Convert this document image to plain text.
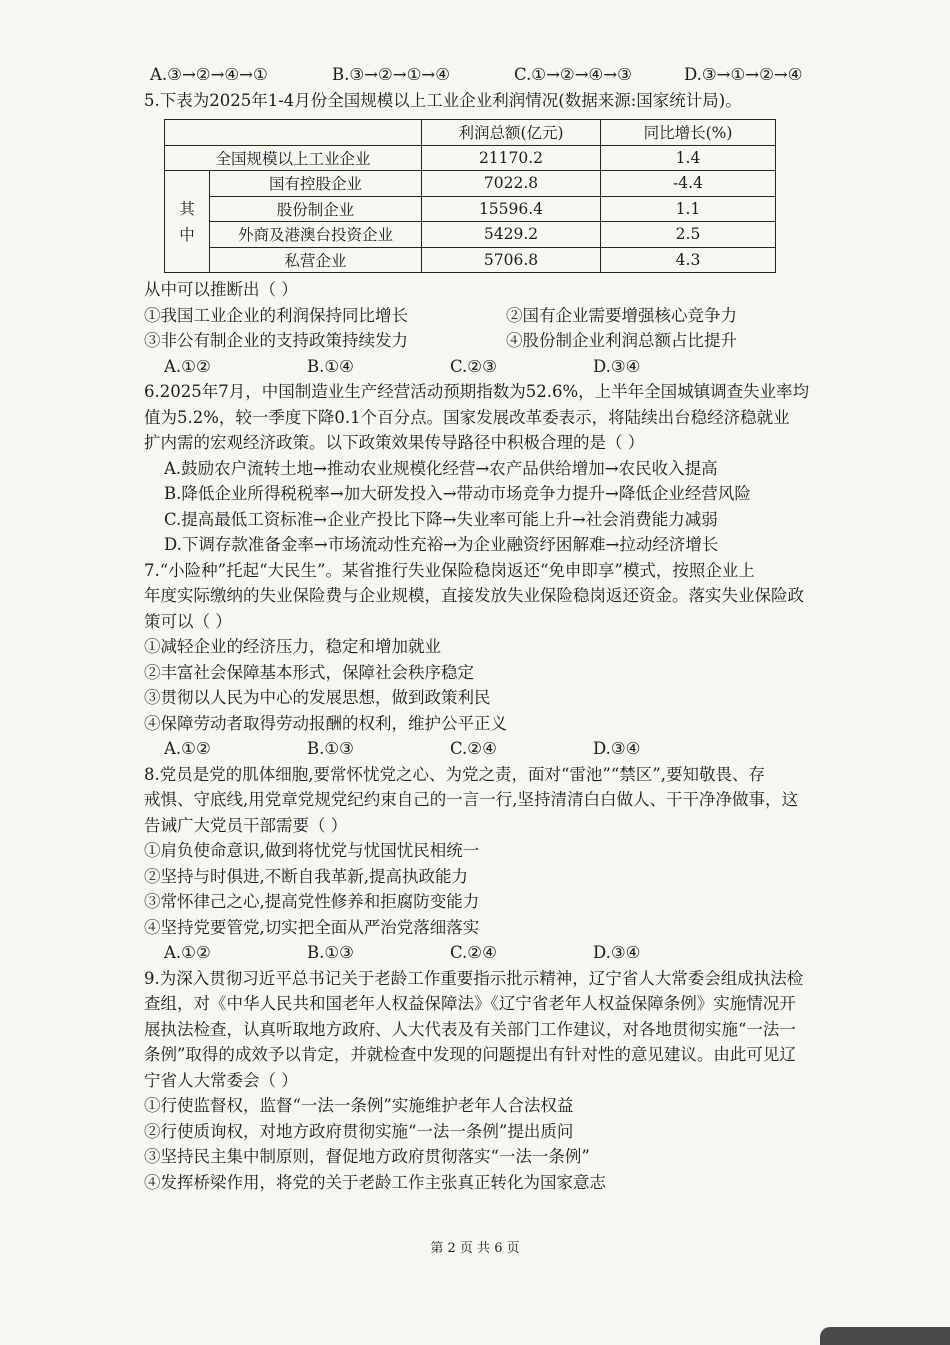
A.③→②→④→①	B.③→②→①→④	C.①→②→④→③	D.③→①→②→④
5.下表为2025年1-4月份全国规模以上工业企业利润情况(数据来源:国家统计局)。
		利润总额(亿元)	同比增长(%)
全国规模以上工业企业		21170.2	1.4
其中	国有控股企业	7022.8	-4.4
	股份制企业	15596.4	1.1
	外商及港澳台投资企业	5429.2	2.5
	私营企业	5706.8	4.3
从中可以推断出（ ）
①我国工业企业的利润保持同比增长	②国有企业需要增强核心竞争力
③非公有制企业的支持政策持续发力	④股份制企业利润总额占比提升
A.①②	B.①④	C.②③	D.③④
6.2025年7月，中国制造业生产经营活动预期指数为52.6%，上半年全国城镇调查失业率均
值为5.2%，较一季度下降0.1个百分点。国家发展改革委表示，将陆续出台稳经济稳就业
扩内需的宏观经济政策。以下政策效果传导路径中积极合理的是（ ）
A.鼓励农户流转土地→推动农业规模化经营→农产品供给增加→农民收入提高
B.降低企业所得税税率→加大研发投入→带动市场竞争力提升→降低企业经营风险
C.提高最低工资标准→企业产投比下降→失业率可能上升→社会消费能力减弱
D.下调存款准备金率→市场流动性充裕→为企业融资纾困解难→拉动经济增长
7.“小险种”托起“大民生”。某省推行失业保险稳岗返还“免申即享”模式，按照企业上
年度实际缴纳的失业保险费与企业规模，直接发放失业保险稳岗返还资金。落实失业保险政
策可以（ ）
①减轻企业的经济压力，稳定和增加就业
②丰富社会保障基本形式，保障社会秩序稳定
③贯彻以人民为中心的发展思想，做到政策利民
④保障劳动者取得劳动报酬的权利，维护公平正义
A.①②	B.①③	C.②④	D.③④
8.党员是党的肌体细胞,要常怀忧党之心、为党之责，面对“雷池”“禁区”,要知敬畏、存
戒惧、守底线,用党章党规党纪约束自己的一言一行,坚持清清白白做人、干干净净做事，这
告诫广大党员干部需要（ ）
①肩负使命意识,做到将忧党与忧国忧民相统一
②坚持与时俱进,不断自我革新,提高执政能力
③常怀律己之心,提高党性修养和拒腐防变能力
④坚持党要管党,切实把全面从严治党落细落实
A.①②	B.①③	C.②④	D.③④
9.为深入贯彻习近平总书记关于老龄工作重要指示批示精神，辽宁省人大常委会组成执法检
查组，对《中华人民共和国老年人权益保障法》《辽宁省老年人权益保障条例》实施情况开
展执法检查，认真听取地方政府、人大代表及有关部门工作建议，对各地贯彻实施“一法一
条例”取得的成效予以肯定，并就检查中发现的问题提出有针对性的意见建议。由此可见辽
宁省人大常委会（ ）
①行使监督权，监督“一法一条例”实施维护老年人合法权益
②行使质询权，对地方政府贯彻实施“一法一条例”提出质问
③坚持民主集中制原则，督促地方政府贯彻落实“一法一条例”
④发挥桥梁作用，将党的关于老龄工作主张真正转化为国家意志
第 2 页 共 6 页
